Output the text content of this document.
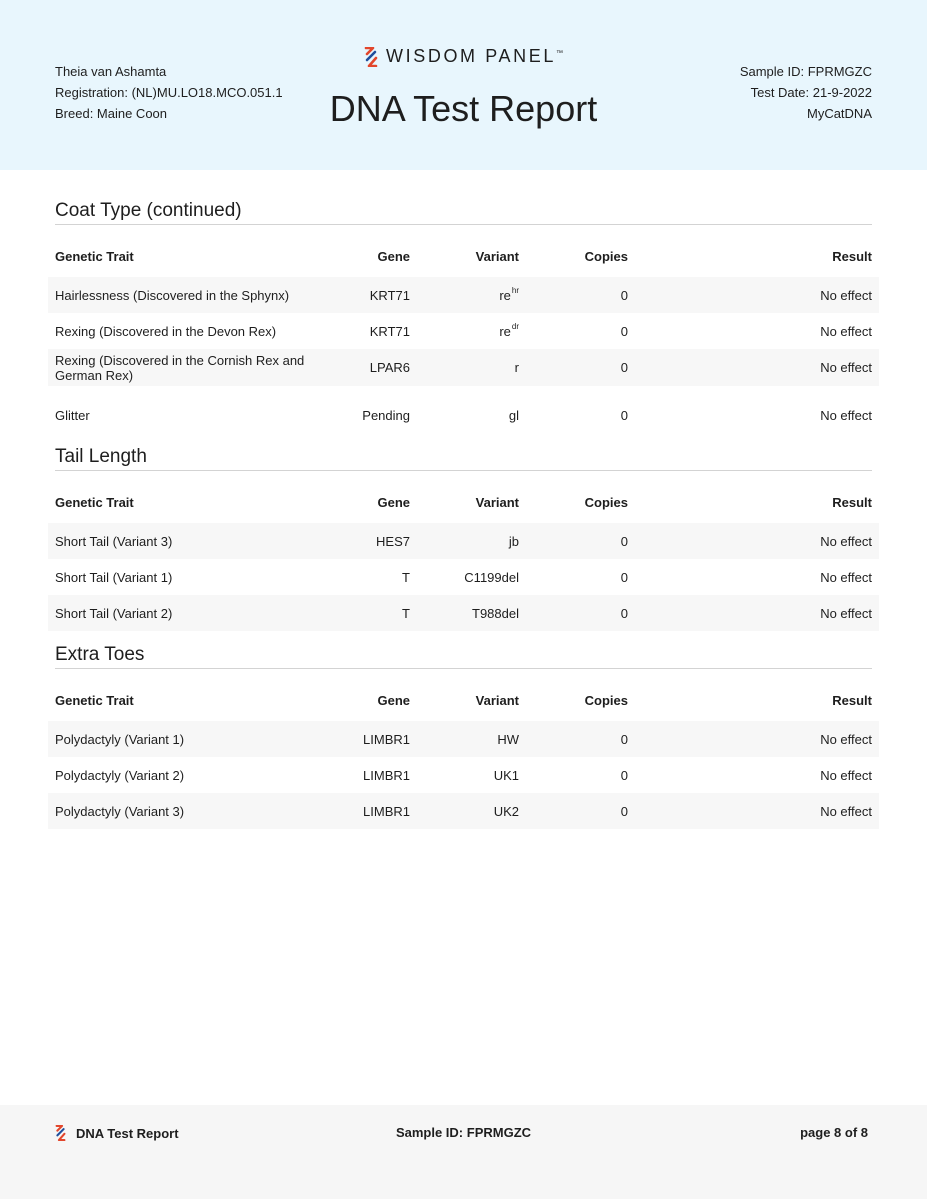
Theia van Ashamta
Registration: (NL)MU.LO18.MCO.051.1
Breed: Maine Coon
WISDOM PANEL™
DNA Test Report
Sample ID: FPRMGZC
Test Date: 21-9-2022
MyCatDNA
Coat Type (continued)
Genetic Trait	Gene	Variant	Copies	Result
Hairlessness (Discovered in the Sphynx)	KRT71	$re^{hr}$	0	No effect
Rexing (Discovered in the Devon Rex)	KRT71	$re^{dr}$	0	No effect
Rexing (Discovered in the Cornish Rex and German Rex)	LPAR6	r	0	No effect
Glitter	Pending	gl	0	No effect
Tail Length
Genetic Trait	Gene	Variant	Copies	Result
Short Tail (Variant 3)	HES7	jb	0	No effect
Short Tail (Variant 1)	T	C1199del	0	No effect
Short Tail (Variant 2)	T	T988del	0	No effect
Extra Toes
Genetic Trait	Gene	Variant	Copies	Result
Polydactyly (Variant 1)	LIMBR1	HW	0	No effect
Polydactyly (Variant 2)	LIMBR1	UK1	0	No effect
Polydactyly (Variant 3)	LIMBR1	UK2	0	No effect
DNA Test Report	Sample ID: FPRMGZC	page 8 of 8
